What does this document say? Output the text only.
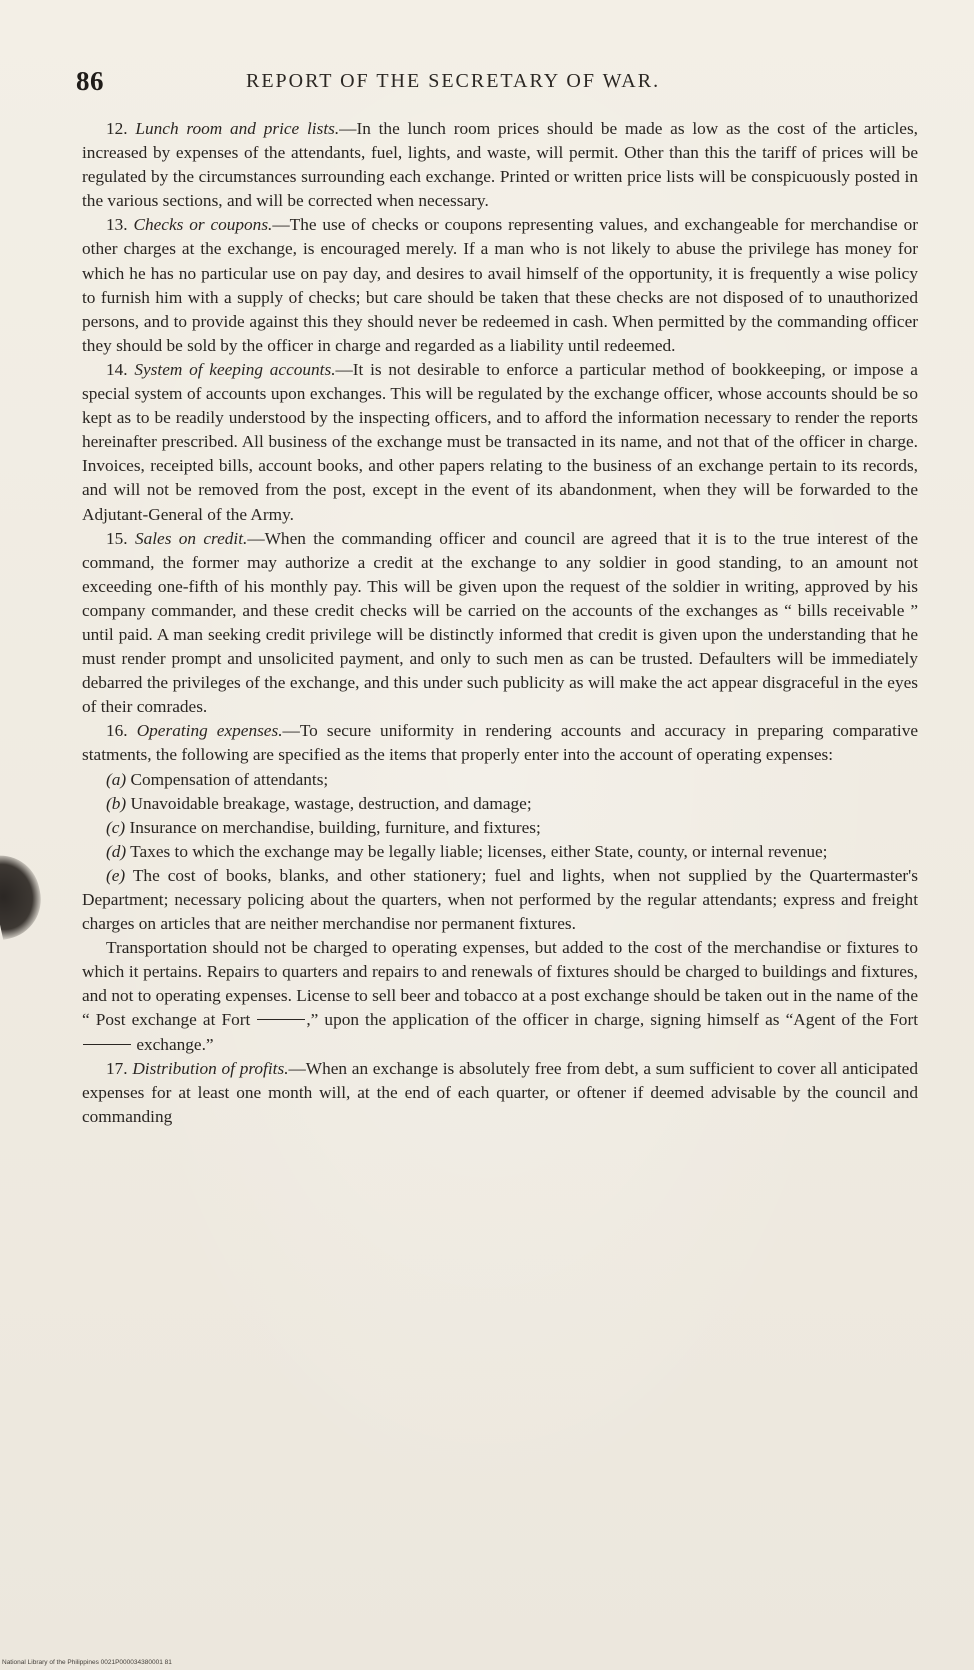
86	REPORT OF THE SECRETARY OF WAR.

12. Lunch room and price lists.—In the lunch room prices should be made as low as the cost of the articles, increased by expenses of the attendants, fuel, lights, and waste, will permit. Other than this the tariff of prices will be regulated by the circumstances surrounding each exchange. Printed or written price lists will be conspicuously posted in the various sections, and will be corrected when necessary.

13. Checks or coupons.—The use of checks or coupons representing values, and exchangeable for merchandise or other charges at the exchange, is encouraged merely. If a man who is not likely to abuse the privilege has money for which he has no particular use on pay day, and desires to avail himself of the opportunity, it is frequently a wise policy to furnish him with a supply of checks; but care should be taken that these checks are not disposed of to unauthorized persons, and to provide against this they should never be redeemed in cash. When permitted by the commanding officer they should be sold by the officer in charge and regarded as a liability until redeemed.

14. System of keeping accounts.—It is not desirable to enforce a particular method of bookkeeping, or impose a special system of accounts upon exchanges. This will be regulated by the exchange officer, whose accounts should be so kept as to be readily understood by the inspecting officers, and to afford the information necessary to render the reports hereinafter prescribed. All business of the exchange must be transacted in its name, and not that of the officer in charge. Invoices, receipted bills, account books, and other papers relating to the business of an exchange pertain to its records, and will not be removed from the post, except in the event of its abandonment, when they will be forwarded to the Adjutant-General of the Army.

15. Sales on credit.—When the commanding officer and council are agreed that it is to the true interest of the command, the former may authorize a credit at the exchange to any soldier in good standing, to an amount not exceeding one-fifth of his monthly pay. This will be given upon the request of the soldier in writing, approved by his company commander, and these credit checks will be carried on the accounts of the exchanges as “ bills receivable ” until paid. A man seeking credit privilege will be distinctly informed that credit is given upon the understanding that he must render prompt and unsolicited payment, and only to such men as can be trusted. Defaulters will be immediately debarred the privileges of the exchange, and this under such publicity as will make the act appear disgraceful in the eyes of their comrades.

16. Operating expenses.—To secure uniformity in rendering accounts and accuracy in preparing comparative statments, the following are specified as the items that properly enter into the account of operating expenses:

(a) Compensation of attendants;

(b) Unavoidable breakage, wastage, destruction, and damage;

(c) Insurance on merchandise, building, furniture, and fixtures;

(d) Taxes to which the exchange may be legally liable; licenses, either State, county, or internal revenue;

(e) The cost of books, blanks, and other stationery; fuel and lights, when not supplied by the Quartermaster's Department; necessary policing about the quarters, when not performed by the regular attendants; express and freight charges on articles that are neither merchandise nor permanent fixtures.

Transportation should not be charged to operating expenses, but added to the cost of the merchandise or fixtures to which it pertains. Repairs to quarters and repairs to and renewals of fixtures should be charged to buildings and fixtures, and not to operating expenses. License to sell beer and tobacco at a post exchange should be taken out in the name of the “ Post exchange at Fort	,” upon the application of the officer in charge, signing himself as “Agent of the Fort  exchange.”

17. Distribution of profits.—When an exchange is absolutely free from debt, a sum sufficient to cover all anticipated expenses for at least one month will, at the end of each quarter, or oftener if deemed advisable by the council and commanding

National Library of the Philippines 0021P000034380001 81
